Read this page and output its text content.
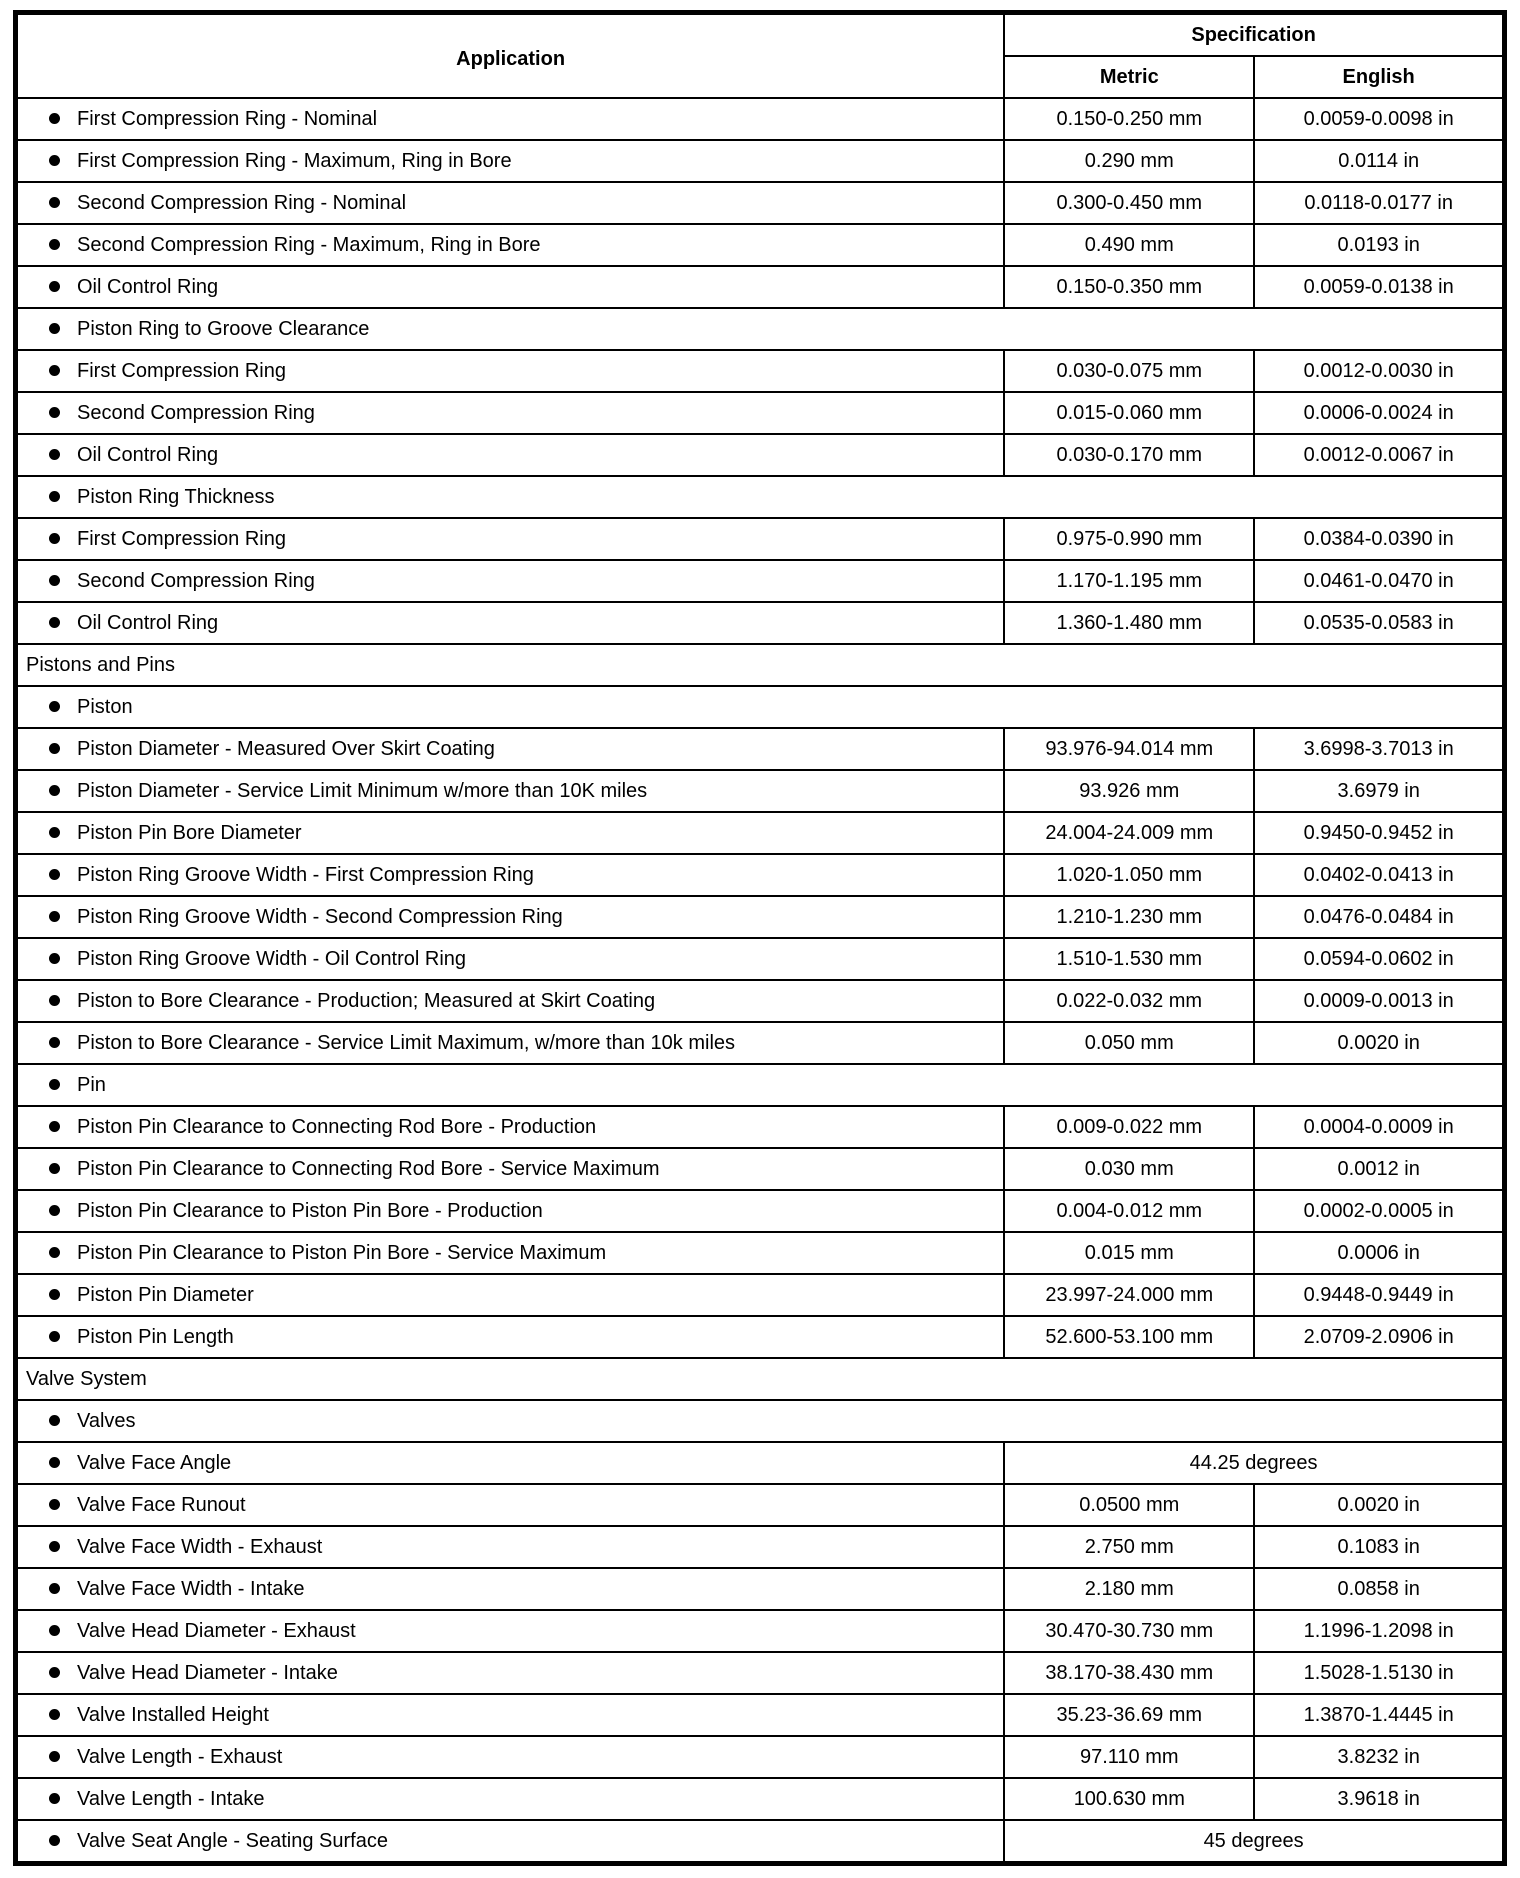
Application	Specification	
	Metric	English
First Compression Ring - Nominal	0.150-0.250 mm	0.0059-0.0098 in
First Compression Ring - Maximum, Ring in Bore	0.290 mm	0.0114 in
Second Compression Ring - Nominal	0.300-0.450 mm	0.0118-0.0177 in
Second Compression Ring - Maximum, Ring in Bore	0.490 mm	0.0193 in
Oil Control Ring	0.150-0.350 mm	0.0059-0.0138 in
Piston Ring to Groove Clearance		
First Compression Ring	0.030-0.075 mm	0.0012-0.0030 in
Second Compression Ring	0.015-0.060 mm	0.0006-0.0024 in
Oil Control Ring	0.030-0.170 mm	0.0012-0.0067 in
Piston Ring Thickness		
First Compression Ring	0.975-0.990 mm	0.0384-0.0390 in
Second Compression Ring	1.170-1.195 mm	0.0461-0.0470 in
Oil Control Ring	1.360-1.480 mm	0.0535-0.0583 in
Pistons and Pins		
Piston		
Piston Diameter - Measured Over Skirt Coating	93.976-94.014 mm	3.6998-3.7013 in
Piston Diameter - Service Limit Minimum w/more than 10K miles	93.926 mm	3.6979 in
Piston Pin Bore Diameter	24.004-24.009 mm	0.9450-0.9452 in
Piston Ring Groove Width - First Compression Ring	1.020-1.050 mm	0.0402-0.0413 in
Piston Ring Groove Width - Second Compression Ring	1.210-1.230 mm	0.0476-0.0484 in
Piston Ring Groove Width - Oil Control Ring	1.510-1.530 mm	0.0594-0.0602 in
Piston to Bore Clearance - Production; Measured at Skirt Coating	0.022-0.032 mm	0.0009-0.0013 in
Piston to Bore Clearance - Service Limit Maximum, w/more than 10k miles	0.050 mm	0.0020 in
Pin		
Piston Pin Clearance to Connecting Rod Bore - Production	0.009-0.022 mm	0.0004-0.0009 in
Piston Pin Clearance to Connecting Rod Bore - Service Maximum	0.030 mm	0.0012 in
Piston Pin Clearance to Piston Pin Bore - Production	0.004-0.012 mm	0.0002-0.0005 in
Piston Pin Clearance to Piston Pin Bore - Service Maximum	0.015 mm	0.0006 in
Piston Pin Diameter	23.997-24.000 mm	0.9448-0.9449 in
Piston Pin Length	52.600-53.100 mm	2.0709-2.0906 in
Valve System		
Valves		
Valve Face Angle	44.25 degrees	
Valve Face Runout	0.0500 mm	0.0020 in
Valve Face Width - Exhaust	2.750 mm	0.1083 in
Valve Face Width - Intake	2.180 mm	0.0858 in
Valve Head Diameter - Exhaust	30.470-30.730 mm	1.1996-1.2098 in
Valve Head Diameter - Intake	38.170-38.430 mm	1.5028-1.5130 in
Valve Installed Height	35.23-36.69 mm	1.3870-1.4445 in
Valve Length - Exhaust	97.110 mm	3.8232 in
Valve Length - Intake	100.630 mm	3.9618 in
Valve Seat Angle - Seating Surface	45 degrees	
